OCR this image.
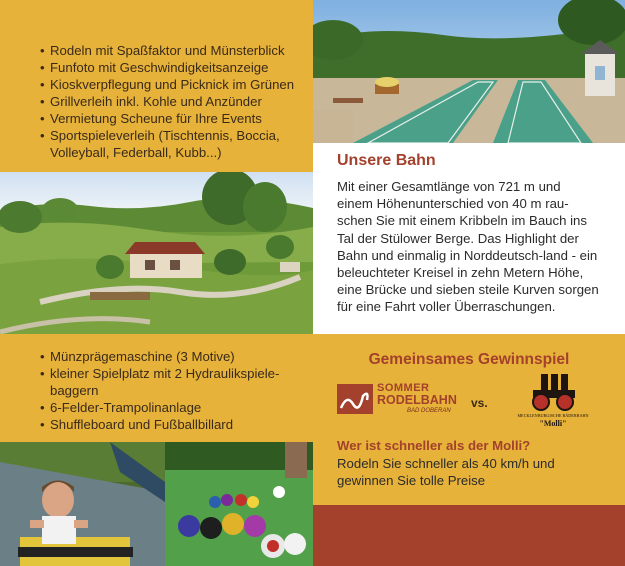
• Rodeln mit Spaßfaktor und Münsterblick
• Funfoto mit Geschwindigkeitsanzeige
• Kioskverpflegung und Picknick im Grünen
• Grillverleih inkl. Kohle und Anzünder
• Vermietung Scheune für Ihre Events
• Sportspieleverleih (Tischtennis, Boccia, Volleyball, Federball, Kubb...)
• Münzprägemaschine (3 Motive)
• kleiner Spielplatz mit 2 Hydraulikspiele-baggern
• 6-Felder-Trampolinanlage
• Shuffleboard und Fußballbillard
Unsere Bahn
Mit einer Gesamtlänge von 721 m und einem Höhenunterschied von 40 m rau-schen Sie mit einem Kribbeln im Bauch ins Tal der Stülower Berge. Das Highlight der Bahn und einmalig in Norddeutsch-land - ein beleuchteter Kreisel in zehn Metern Höhe, eine Brücke und sieben steile Kurven sorgen für eine Fahrt voller Überraschungen.
Gemeinsames Gewinnspiel
SOMMER
RODELBAHN
BAD DOBERAN
vs.
MECKLENBURGISCHE BÄDERBAHN
"Molli"
Wer ist schneller als der Molli?
Rodeln Sie schneller als 40 km/h und gewinnen Sie tolle Preise
